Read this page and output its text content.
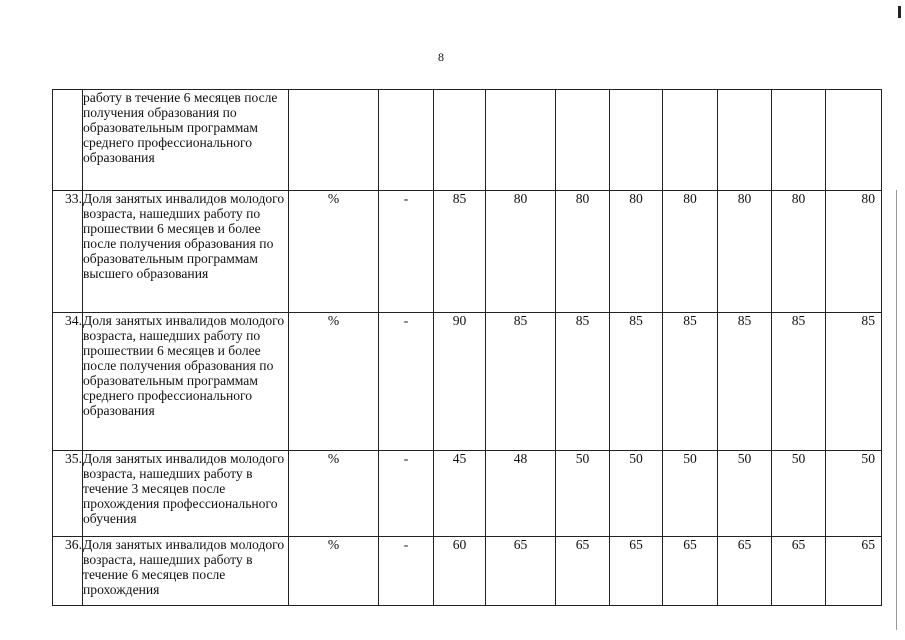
8
	работу в течение 6 месяцев после получения образования по образовательным программам среднего профессионального образования										
33.	Доля занятых инвалидов молодого возраста, нашедших работу по прошествии 6 месяцев и более после получения образования по образовательным программам высшего образования	%	-	85	80	80	80	80	80	80	80
34.	Доля занятых инвалидов молодого возраста, нашедших работу по прошествии 6 месяцев и более после получения образования по образовательным программам среднего профессионального образования	%	-	90	85	85	85	85	85	85	85
35.	Доля занятых инвалидов молодого возраста, нашедших работу в течение 3 месяцев после прохождения профессионального обучения	%	-	45	48	50	50	50	50	50	50
36.	Доля занятых инвалидов молодого возраста, нашедших работу в течение 6 месяцев после прохождения	%	-	60	65	65	65	65	65	65	65
